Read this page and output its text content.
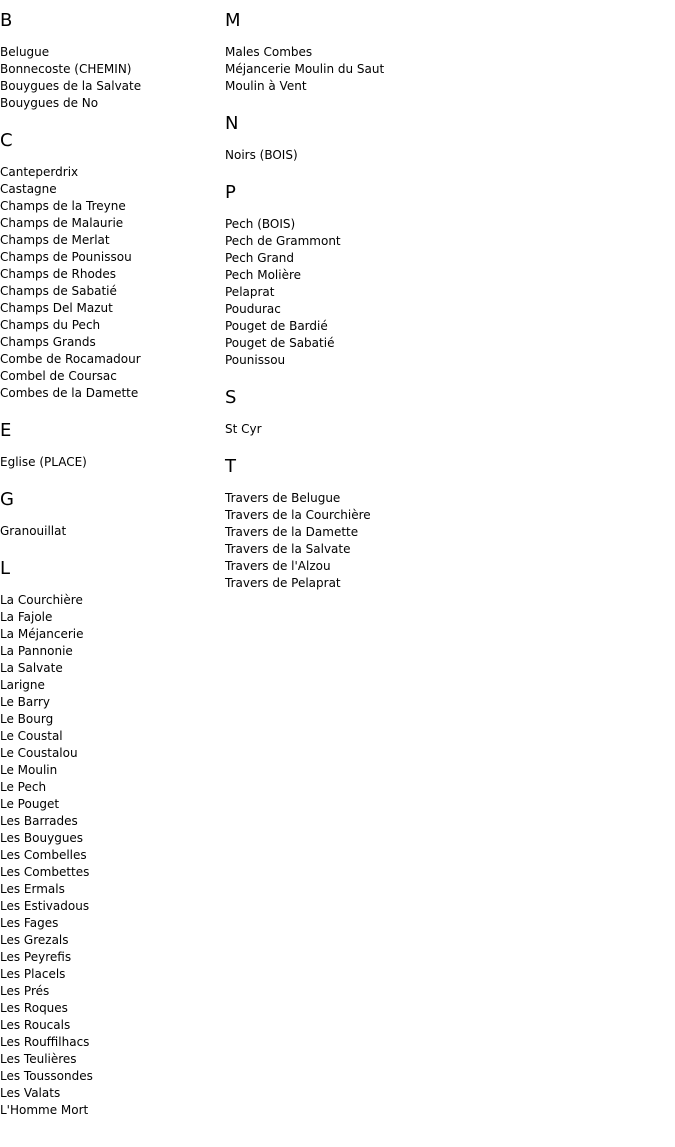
B
Belugue
Bonnecoste (CHEMIN)
Bouygues de la Salvate
Bouygues de No
C
Canteperdrix
Castagne
Champs de la Treyne
Champs de Malaurie
Champs de Merlat
Champs de Pounissou
Champs de Rhodes
Champs de Sabatié
Champs Del Mazut
Champs du Pech
Champs Grands
Combe de Rocamadour
Combel de Coursac
Combes de la Damette
E
Eglise (PLACE)
G
Granouillat
L
La Courchière
La Fajole
La Méjancerie
La Pannonie
La Salvate
Larigne
Le Barry
Le Bourg
Le Coustal
Le Coustalou
Le Moulin
Le Pech
Le Pouget
Les Barrades
Les Bouygues
Les Combelles
Les Combettes
Les Ermals
Les Estivadous
Les Fages
Les Grezals
Les Peyrefis
Les Placels
Les Prés
Les Roques
Les Roucals
Les Rouffilhacs
Les Teulières
Les Toussondes
Les Valats
L'Homme Mort
M
Males Combes
Méjancerie Moulin du Saut
Moulin à Vent
N
Noirs (BOIS)
P
Pech (BOIS)
Pech de Grammont
Pech Grand
Pech Molière
Pelaprat
Poudurac
Pouget de Bardié
Pouget de Sabatié
Pounissou
S
St Cyr
T
Travers de Belugue
Travers de la Courchière
Travers de la Damette
Travers de la Salvate
Travers de l'Alzou
Travers de Pelaprat
